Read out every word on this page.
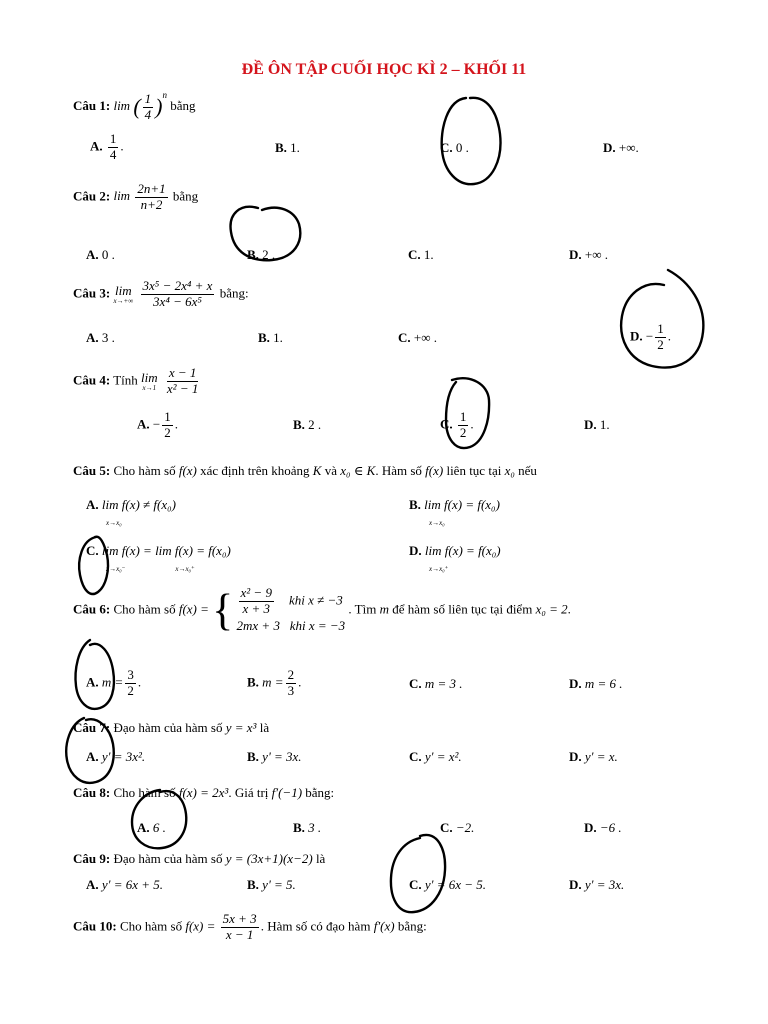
ĐỀ ÔN TẬP CUỐI HỌC KÌ 2 – KHỐI 11
Câu 1: lim ( $\frac{1}{4} )^n$ bằng
A. $\frac{1}{4}$ .	B. 1.	C. 0 .	D. +∞.
Câu 2: $\lim \frac{2n+1}{n+2}$ bằng
A. 0 .	B. 2 .	C. 1.	D. +∞ .
Câu 3: lim
x→+∞
$\frac{\text{3x⁵ − 2x⁴ + x}}{\text{3x⁴ − 6x⁵}}$ bằng:
A. 3 .	B. 1.	C. +∞ .	D. − $\frac{1}{2}$ .
Câu 4: Tính lim
x→1
$\frac{x - 1}{\text{x² − 1}}$
A. − $\frac{1}{2}$ .	B. 2 .	C. $\frac{1}{2}$ .	D. 1.
Câu 5: Cho hàm số f(x) xác định trên khoảng K và x₀ ∈ K. Hàm số f(x) liên tục tại x₀ nếu
A. lim f(x) ≠ f(x₀)
x→x₀
B. lim f(x) = f(x₀)
x→x₀
C. lim f(x) = lim f(x) = f(x₀)
x→x₀⁻	x→x₀⁺
D. lim f(x) = f(x₀)
x→x₀⁺
Câu 6: Cho hàm số f(x) = { $\frac{\text{x² − 9}}{x + 3}$ khi x ≠ −3
2mx + 3 khi x = −3
. Tìm m để hàm số liên tục tại điểm x₀ = 2.
A. $m = \frac{3}{2}$ .	B. $m = \frac{2}{3}$ .	C. m = 3 .	D. m = 6 .
Câu 7: Đạo hàm của hàm số y = x³ là
A. y' = 3x².	B. y' = 3x.	C. y' = x².	D. y' = x.
Câu 8: Cho hàm số f(x) = 2x³. Giá trị f′(−1) bằng:
A. 6 .	B. 3 .	C. −2.	D. −6 .
Câu 9: Đạo hàm của hàm số y = (3x+1)(x−2) là
A. y' = 6x + 5.	B. y' = 5.	C. y' = 6x − 5.	D. y' = 3x.
Câu 10: Cho hàm số $f(x) = \frac{5x + 3}{x - 1}$ . Hàm số có đạo hàm f′(x) bằng:
